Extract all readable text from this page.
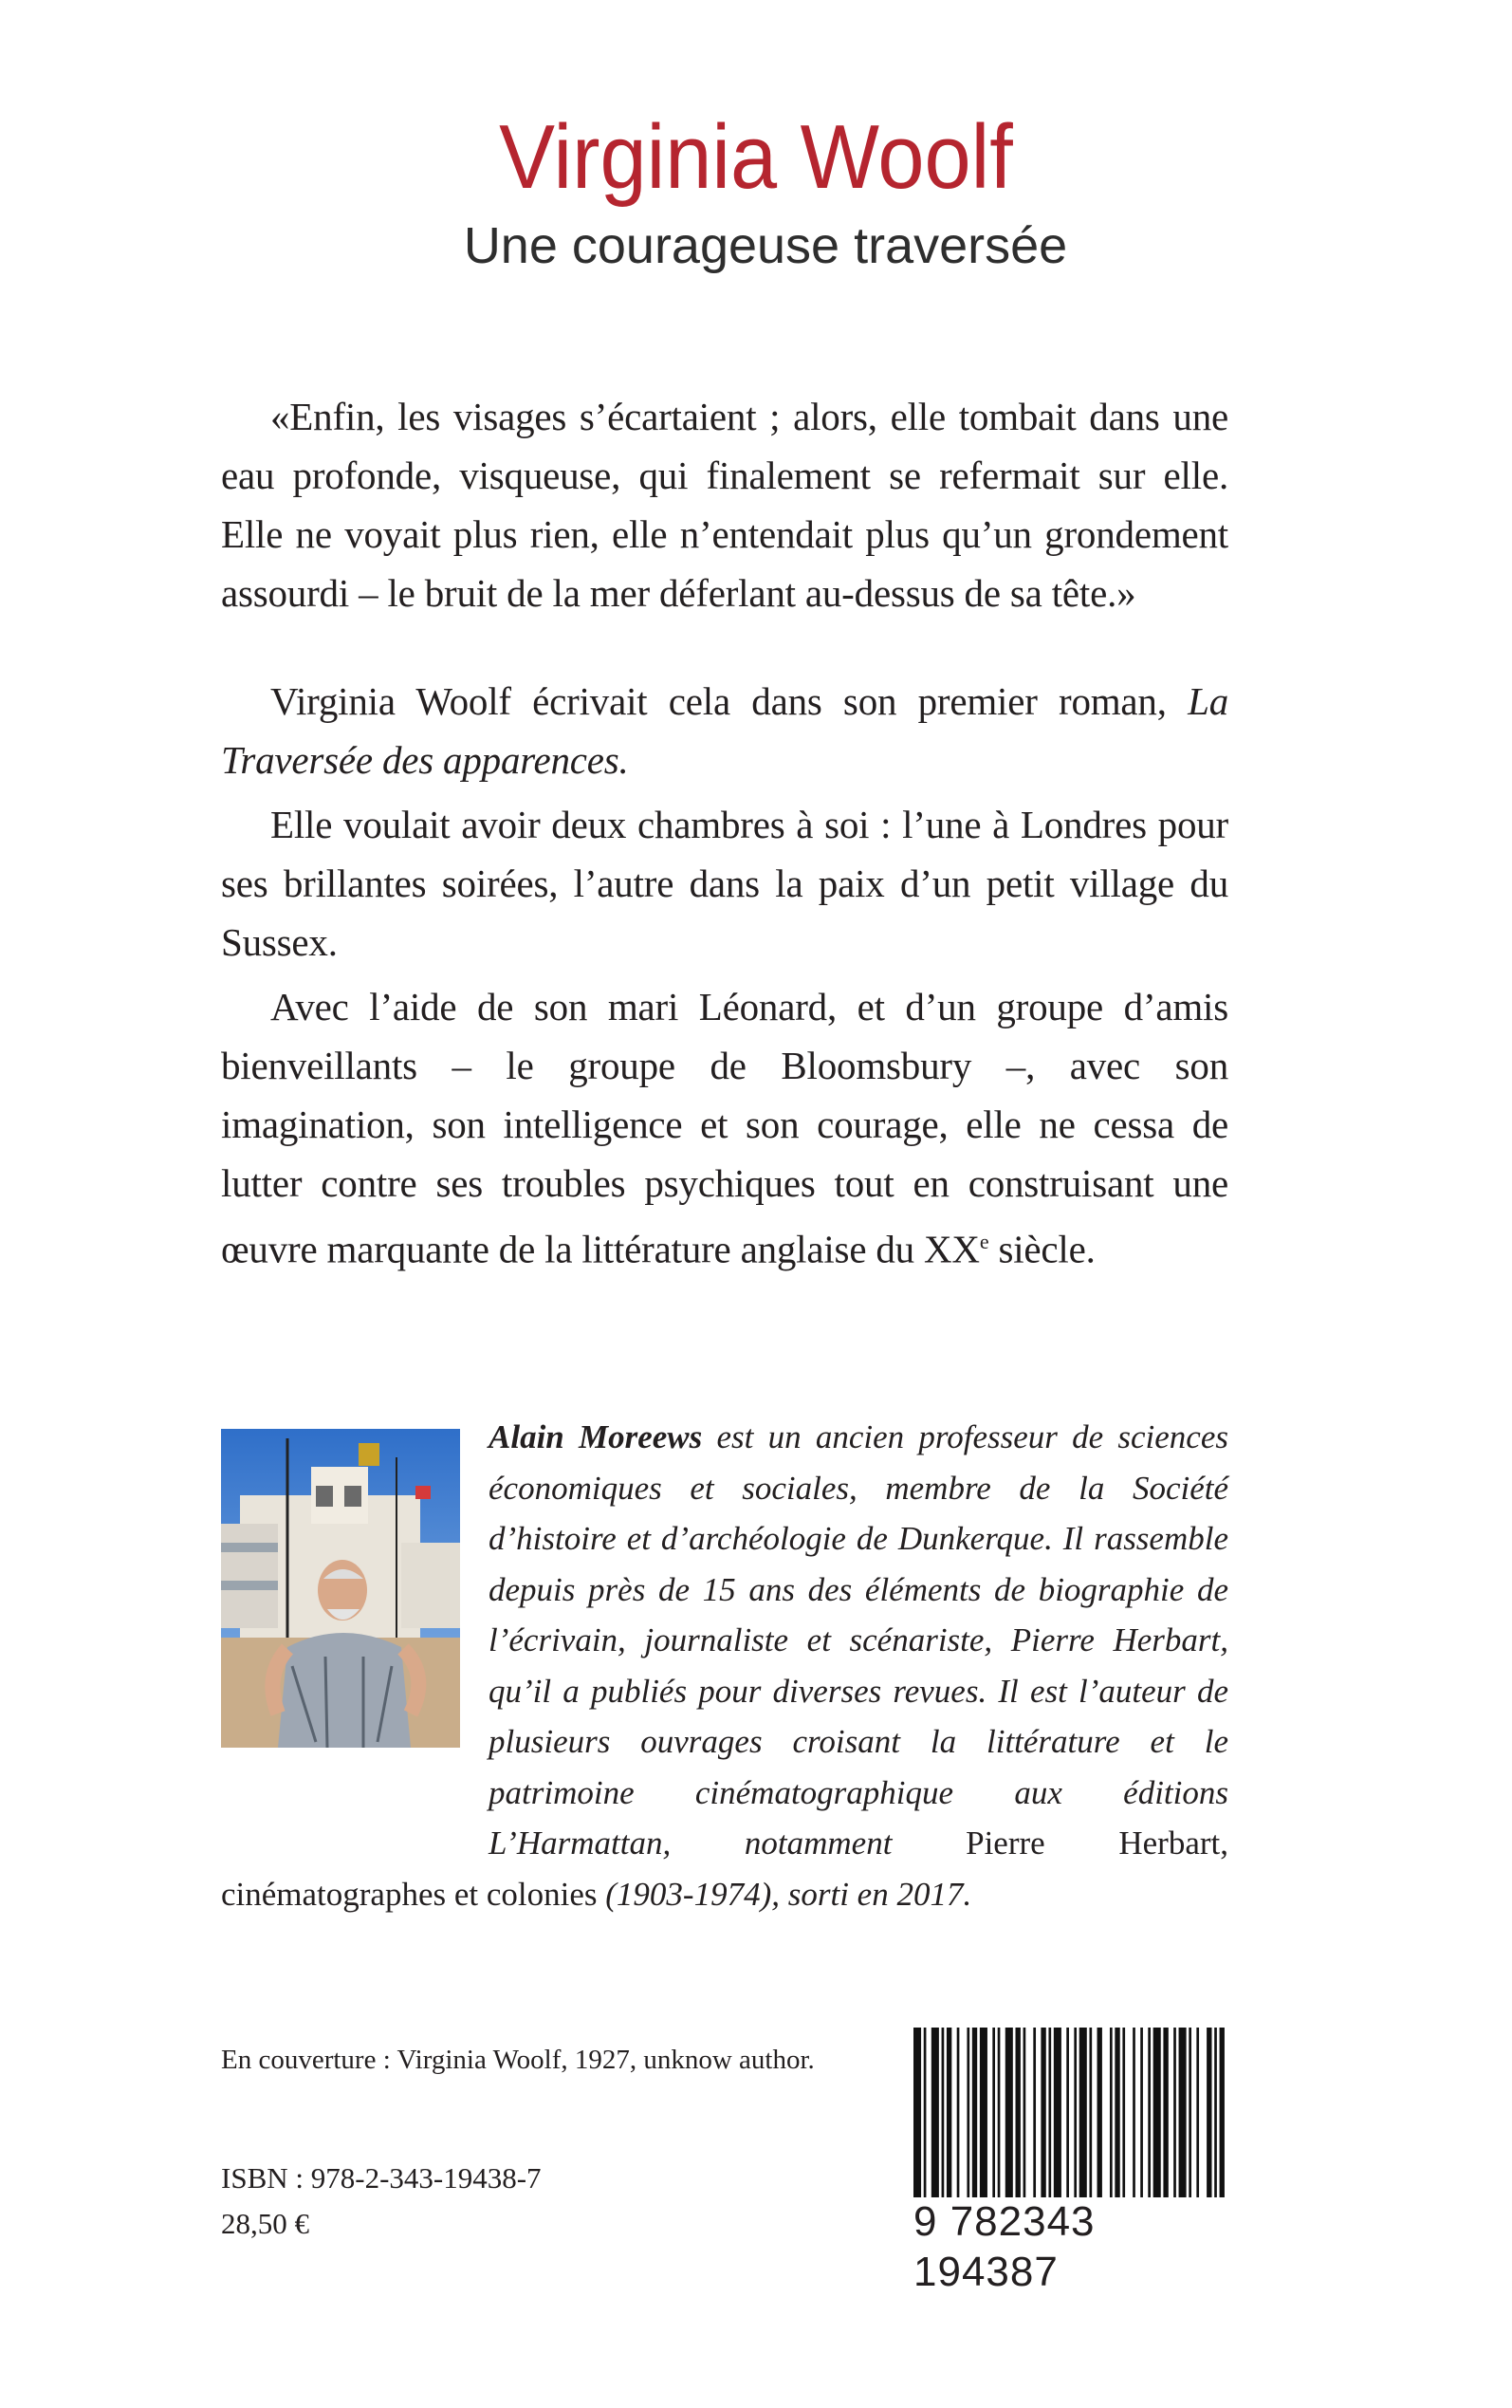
Virginia Woolf
Une courageuse traversée

«Enfin, les visages s’écartaient ; alors, elle tombait dans une eau profonde, visqueuse, qui finalement se refermait sur elle. Elle ne voyait plus rien, elle n’entendait plus qu’un grondement assourdi – le bruit de la mer déferlant au-dessus de sa tête.»

Virginia Woolf écrivait cela dans son premier roman, La Traversée des apparences.

Elle voulait avoir deux chambres à soi : l’une à Londres pour ses brillantes soirées, l’autre dans la paix d’un petit village du Sussex.

Avec l’aide de son mari Léonard, et d’un groupe d’amis bienveillants – le groupe de Bloomsbury –, avec son imagination, son intelligence et son courage, elle ne cessa de lutter contre ses troubles psychiques tout en construisant une œuvre marquante de la littérature anglaise du XXe siècle.

Alain Moreews est un ancien professeur de sciences économiques et sociales, membre de la Société d’histoire et d’archéologie de Dunkerque. Il rassemble depuis près de 15 ans des éléments de biographie de l’écrivain, journaliste et scénariste, Pierre Herbart, qu’il a publiés pour diverses revues. Il est l’auteur de plusieurs ouvrages croisant la littérature et le patrimoine cinématographique aux éditions L’Harmattan, notamment Pierre Herbart, cinématographes et colonies (1903-1974), sorti en 2017.
En couverture : Virginia Woolf, 1927, unknow author.
ISBN : 978-2-343-19438-7
28,50 €	9 782343 194387
